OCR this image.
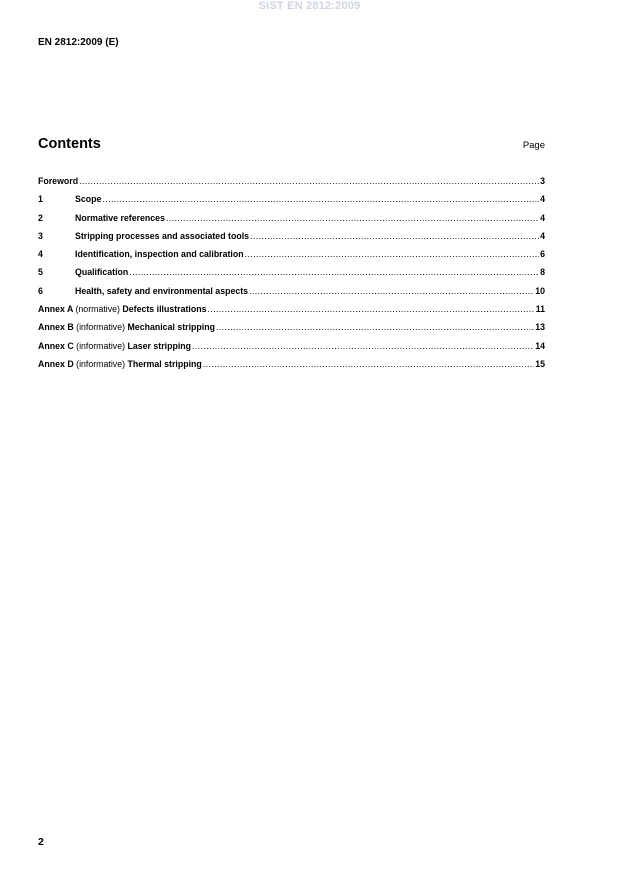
SIST EN 2812:2009
EN 2812:2009 (E)
Contents	Page
Foreword .....	3
1	Scope .....	4
2	Normative references .....	4
3	Stripping processes and associated tools .....	4
4	Identification, inspection and calibration .....	6
5	Qualification .....	8
6	Health, safety and environmental aspects .....	10
Annex A (normative) Defects illustrations .....	11
Annex B (informative) Mechanical stripping .....	13
Annex C (informative) Laser stripping .....	14
Annex D (informative) Thermal stripping .....	15
2
